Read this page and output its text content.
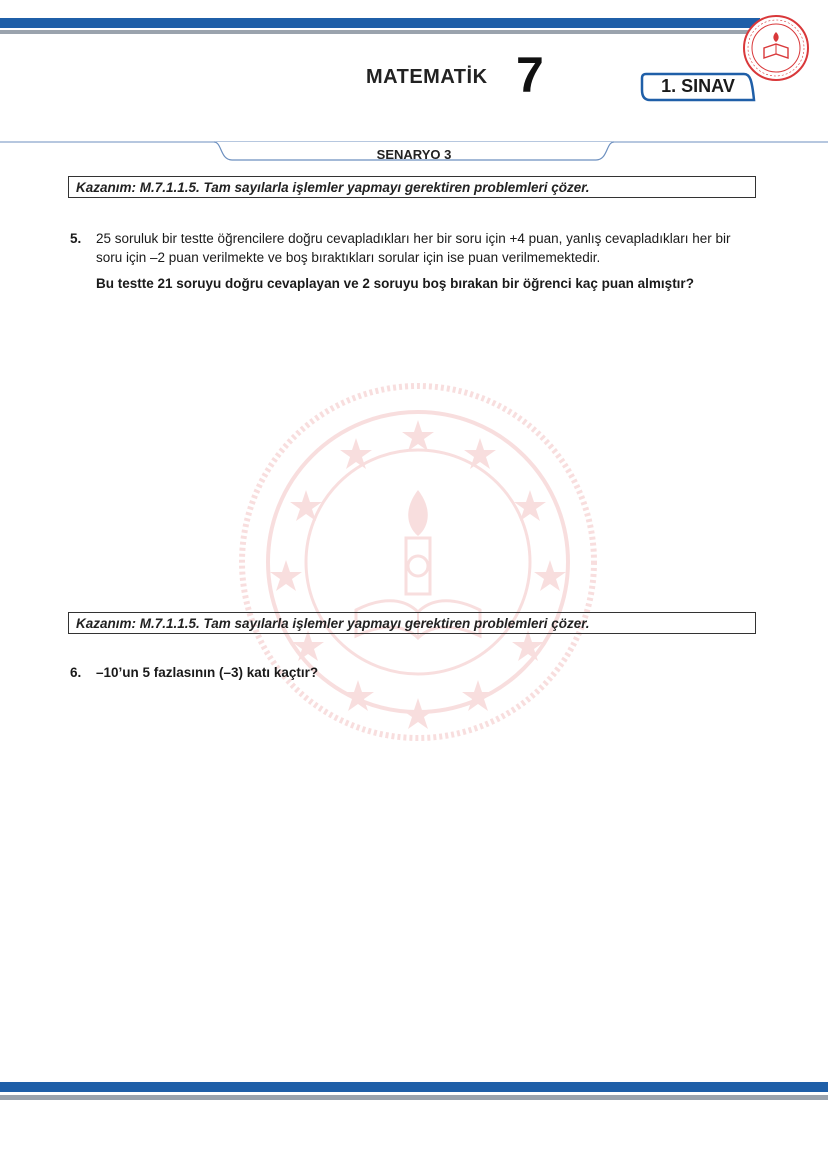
MATEMATİK 7	1. SINAV
SENARYO 3
Kazanım: M.7.1.1.5. Tam sayılarla işlemler yapmayı gerektiren problemleri çözer.
5. 25 soruluk bir testte öğrencilere doğru cevapladıkları her bir soru için +4 puan, yanlış cevapladıkları her bir soru için –2 puan verilmekte ve boş bıraktıkları sorular için ise puan verilmemektedir.
Bu testte 21 soruyu doğru cevaplayan ve 2 soruyu boş bırakan bir öğrenci kaç puan almıştır?
Kazanım: M.7.1.1.5. Tam sayılarla işlemler yapmayı gerektiren problemleri çözer.
6. –10’un 5 fazlasının (–3) katı kaçtır?
